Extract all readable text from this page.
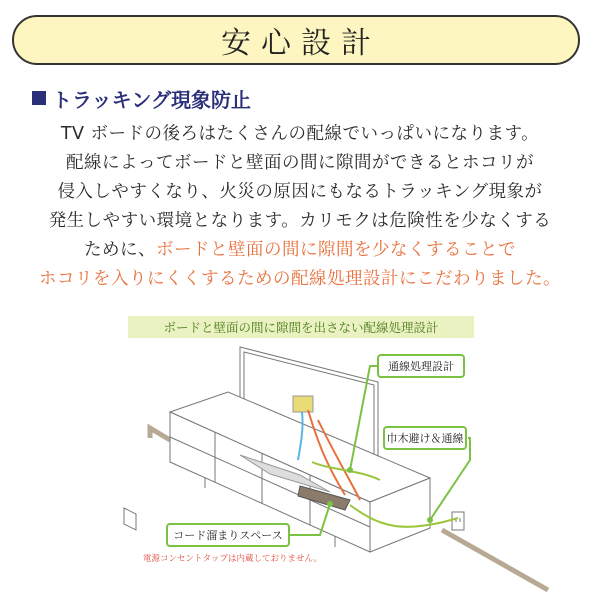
安心設計
トラッキング現象防止
TV ボードの後ろはたくさんの配線でいっぱいになります。
配線によってボードと壁面の間に隙間ができるとホコリが
侵入しやすくなり、火災の原因にもなるトラッキング現象が
発生しやすい環境となります。カリモクは危険性を少なくする
ために、ボードと壁面の間に隙間を少なくすることで
ホコリを入りにくくするための配線処理設計にこだわりました。
ボードと壁面の間に隙間を出さない配線処理設計
通線処理設計
巾木避け＆通線
コード溜まりスペース
電源コンセントタップは内蔵しておりません。
